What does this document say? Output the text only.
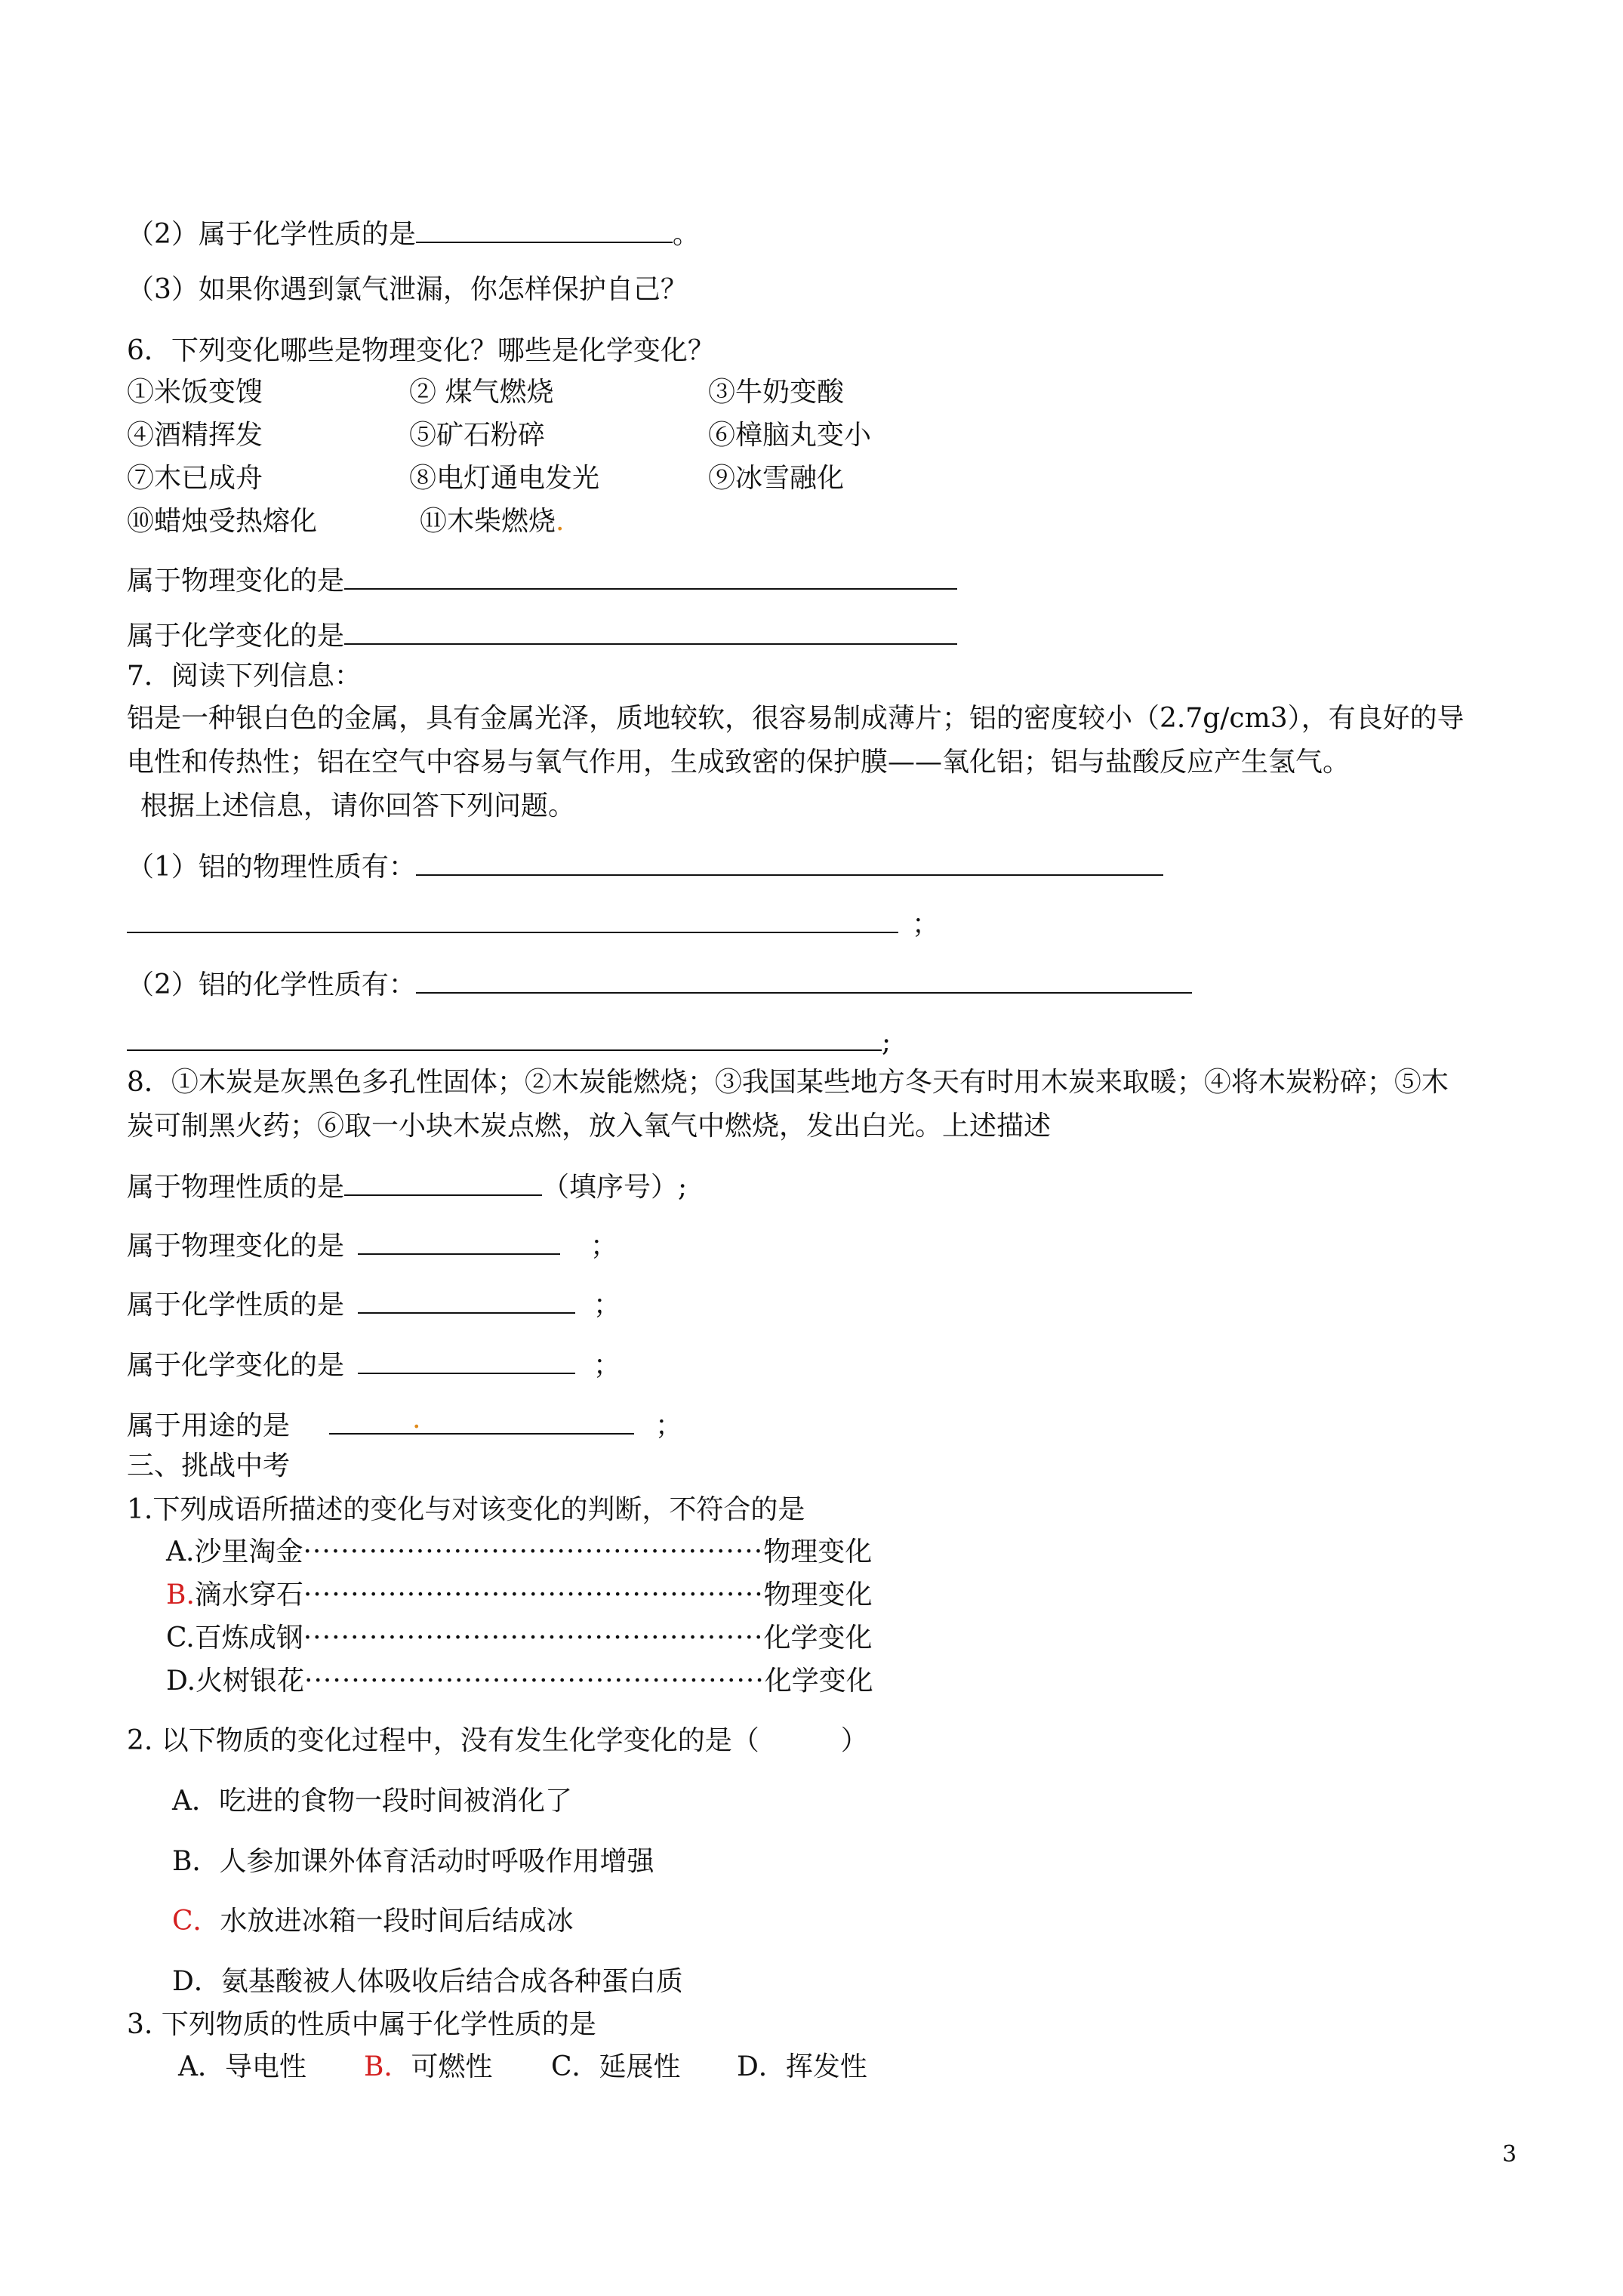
（2）属于化学性质的是	。
（3）如果你遇到氯气泄漏，你怎样保护自己？
6．下列变化哪些是物理变化？哪些是化学变化？
①米饭变馊	② 煤气燃烧	③牛奶变酸
④酒精挥发	⑤矿石粉碎	⑥樟脑丸变小
⑦木已成舟	⑧电灯通电发光	⑨冰雪融化
⑩蜡烛受热熔化	⑪木柴燃烧.
属于物理变化的是
属于化学变化的是
7．阅读下列信息：
铝是一种银白色的金属，具有金属光泽，质地较软，很容易制成薄片；铝的密度较小（2.7g/cm3），有良好的导
电性和传热性；铝在空气中容易与氧气作用，生成致密的保护膜——氧化铝；铝与盐酸反应产生氢气。
根据上述信息，请你回答下列问题。
（1）铝的物理性质有：
；
（2）铝的化学性质有：
;
8．①木炭是灰黑色多孔性固体；②木炭能燃烧；③我国某些地方冬天有时用木炭来取暖；④将木炭粉碎；⑤木
炭可制黑火药；⑥取一小块木炭点燃，放入氧气中燃烧，发出白光。上述描述
属于物理性质的是	（填序号）;
属于物理变化的是	；
属于化学性质的是	；
属于化学变化的是	；
属于用途的是	.	；
三、挑战中考
1.下列成语所描述的变化与对该变化的判断，不符合的是
A.沙里淘金·················································物理变化
B.滴水穿石·················································物理变化
C.百炼成钢·················································化学变化
D.火树银花·················································化学变化
2. 以下物质的变化过程中，没有发生化学变化的是（　　　）
A．吃进的食物一段时间被消化了
B．人参加课外体育活动时呼吸作用增强
C．水放进冰箱一段时间后结成冰
D．氨基酸被人体吸收后结合成各种蛋白质
3. 下列物质的性质中属于化学性质的是
A．导电性 B．可燃性 C．延展性 D．挥发性
3
